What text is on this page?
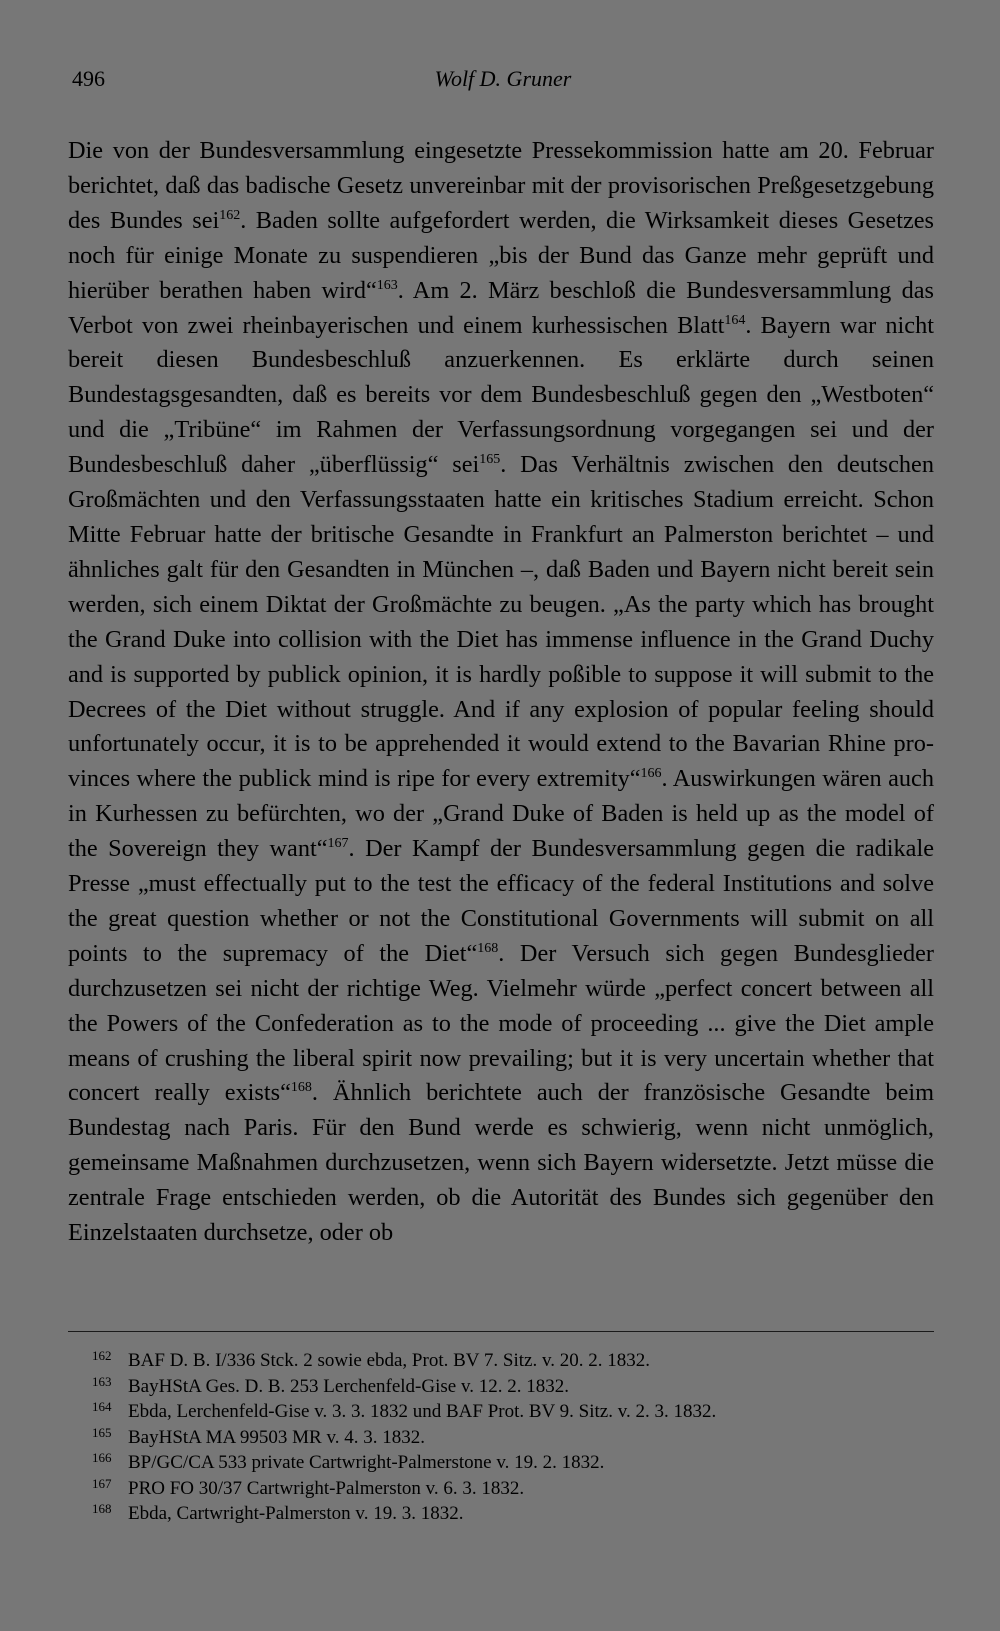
496	Wolf D. Gruner

Die von der Bundesversammlung eingesetzte Pressekommission hatte am 20. Februar berichtet, daß das badische Gesetz unvereinbar mit der provisorischen Preßgesetzgebung des Bundes sei$^{162}$. Baden sollte aufgefordert werden, die Wirksamkeit dieses Gesetzes noch für einige Monate zu suspendieren „bis der Bund das Ganze mehr geprüft und hierüber berathen haben wird“$^{163}$. Am 2. März beschloß die Bundesversammlung das Verbot von zwei rheinbayerischen und einem kurhessischen Blatt$^{164}$. Bayern war nicht bereit diesen Bundesbeschluß anzuerkennen. Es erklärte durch seinen Bundestagsgesandten, daß es bereits vor dem Bundesbeschluß gegen den „Westboten“ und die „Tribüne“ im Rahmen der Verfassungsordnung vorgegangen sei und der Bundesbeschluß daher „überflüssig“ sei$^{165}$. Das Verhältnis zwischen den deutschen Großmächten und den Verfassungsstaaten hatte ein kritisches Stadium erreicht. Schon Mitte Februar hatte der britische Gesandte in Frankfurt an Palmerston berichtet – und ähnliches galt für den Gesandten in München –, daß Baden und Bayern nicht bereit sein werden, sich einem Diktat der Großmächte zu beugen. „As the party which has brought the Grand Duke into collision with the Diet has immense influence in the Grand Duchy and is supported by publick opinion, it is hardly poßible to suppose it will submit to the Decrees of the Diet without struggle. And if any explosion of popular feeling should unfortunately occur, it is to be apprehended it would extend to the Bavarian Rhine provinces where the publick mind is ripe for every extremity“$^{166}$. Auswirkungen wären auch in Kurhessen zu befürchten, wo der „Grand Duke of Baden is held up as the model of the Sovereign they want“$^{167}$. Der Kampf der Bundesversammlung gegen die radikale Presse „must effectually put to the test the efficacy of the federal Institutions and solve the great question whether or not the Constitutional Governments will submit on all points to the supremacy of the Diet“$^{168}$. Der Versuch sich gegen Bundesglieder durchzusetzen sei nicht der richtige Weg. Vielmehr würde „perfect concert between all the Powers of the Confederation as to the mode of proceeding ... give the Diet ample means of crushing the liberal spirit now prevailing; but it is very uncertain whether that concert really exists“$^{168}$. Ähnlich berichtete auch der französische Gesandte beim Bundestag nach Paris. Für den Bund werde es schwierig, wenn nicht unmöglich, gemeinsame Maßnahmen durchzusetzen, wenn sich Bayern widersetzte. Jetzt müsse die zentrale Frage entschieden werden, ob die Autorität des Bundes sich gegenüber den Einzelstaaten durchsetze, oder ob

162 BAF D. B. I/336 Stck. 2 sowie ebda, Prot. BV 7. Sitz. v. 20. 2. 1832.
163 BayHStA Ges. D. B. 253 Lerchenfeld-Gise v. 12. 2. 1832.
164 Ebda, Lerchenfeld-Gise v. 3. 3. 1832 und BAF Prot. BV 9. Sitz. v. 2. 3. 1832.
165 BayHStA MA 99503 MR v. 4. 3. 1832.
166 BP/GC/CA 533 private Cartwright-Palmerstone v. 19. 2. 1832.
167 PRO FO 30/37 Cartwright-Palmerston v. 6. 3. 1832.
168 Ebda, Cartwright-Palmerston v. 19. 3. 1832.
